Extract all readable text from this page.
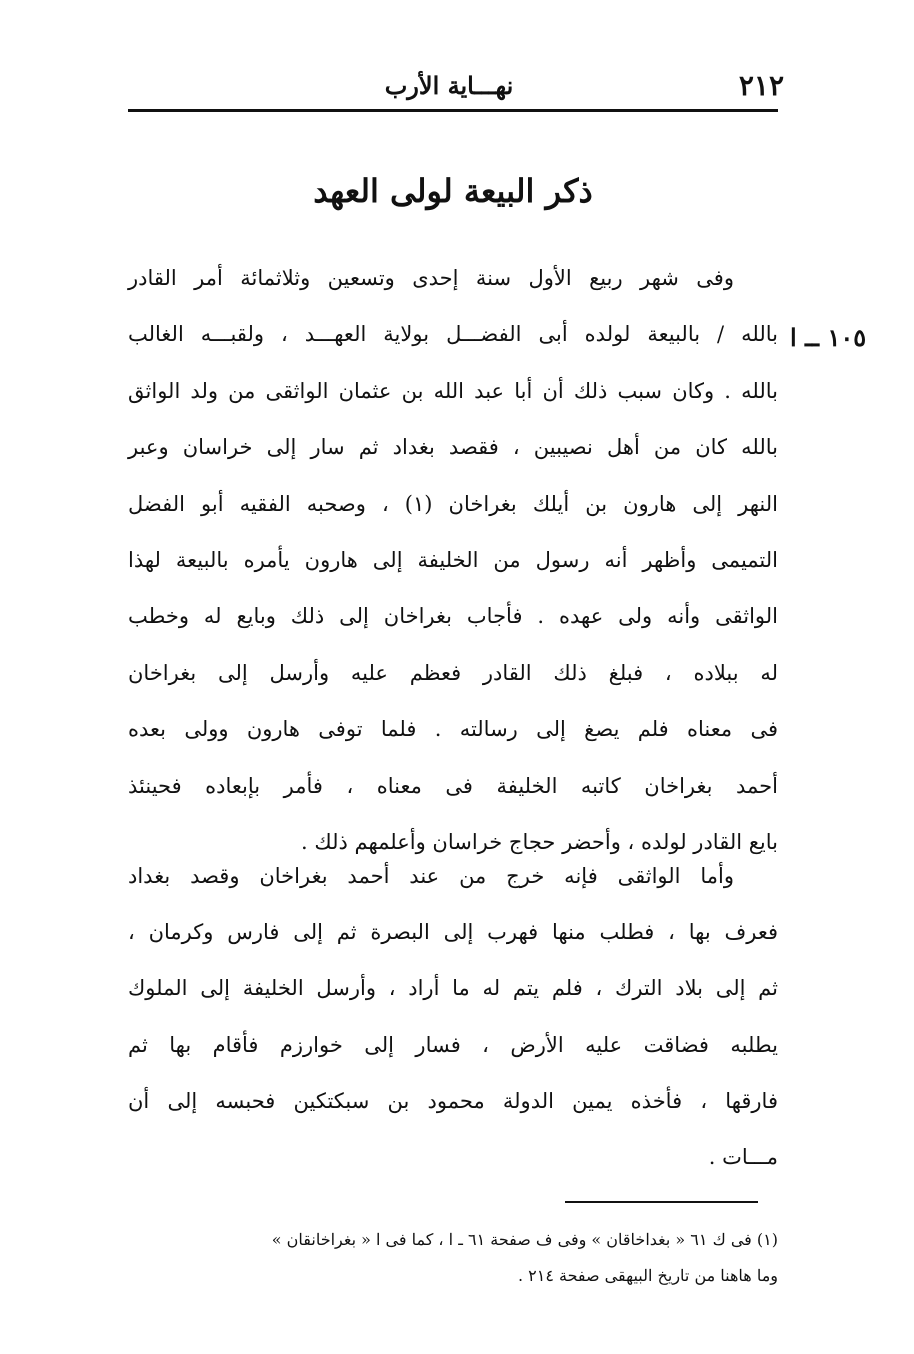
٢١٢
نهـــاية الأرب
ذكر البيعة لولى العهد
١٠٥ ــ ا
وفى شهر ربيع الأول سنة إحدى وتسعين وثلاثمائة أمر القادر
بالله / بالبيعة لولده أبى الفضـــل بولاية العهـــد ، ولقبـــه الغالب
بالله . وكان سبب ذلك أن أبا عبد الله بن عثمان الواثقى من ولد الواثق
بالله كان من أهل نصيبين ، فقصد بغداد ثم سار إلى خراسان وعبر
النهر إلى هارون بن أيلك بغراخان (١) ، وصحبه الفقيه أبو الفضل
التميمى وأظهر أنه رسول من الخليفة إلى هارون يأمره بالبيعة لهذا
الواثقى وأنه ولى عهده . فأجاب بغراخان إلى ذلك وبايع له وخطب
له ببلاده ، فبلغ ذلك القادر فعظم عليه وأرسل إلى بغراخان
فى معناه فلم يصغ إلى رسالته . فلما توفى هارون وولى بعده
أحمد بغراخان كاتبه الخليفة فى معناه ، فأمر بإبعاده فحينئذ
بايع القادر لولده ، وأحضر حجاج خراسان وأعلمهم ذلك .
وأما الواثقى فإنه خرج من عند أحمد بغراخان وقصد بغداد
فعرف بها ، فطلب منها فهرب إلى البصرة ثم إلى فارس وكرمان ،
ثم إلى بلاد الترك ، فلم يتم له ما أراد ، وأرسل الخليفة إلى الملوك
يطلبه فضاقت عليه الأرض ، فسار إلى خوارزم فأقام بها ثم
فارقها ، فأخذه يمين الدولة محمود بن سبكتكين فحبسه إلى أن
مـــات .
(١) فى ك ٦١ « بغداخاقان » وفى ف صفحة ٦١ ـ ا ، كما فى ا « بغراخانقان »
وما هاهنا من تاريخ البيهقى صفحة ٢١٤ .
